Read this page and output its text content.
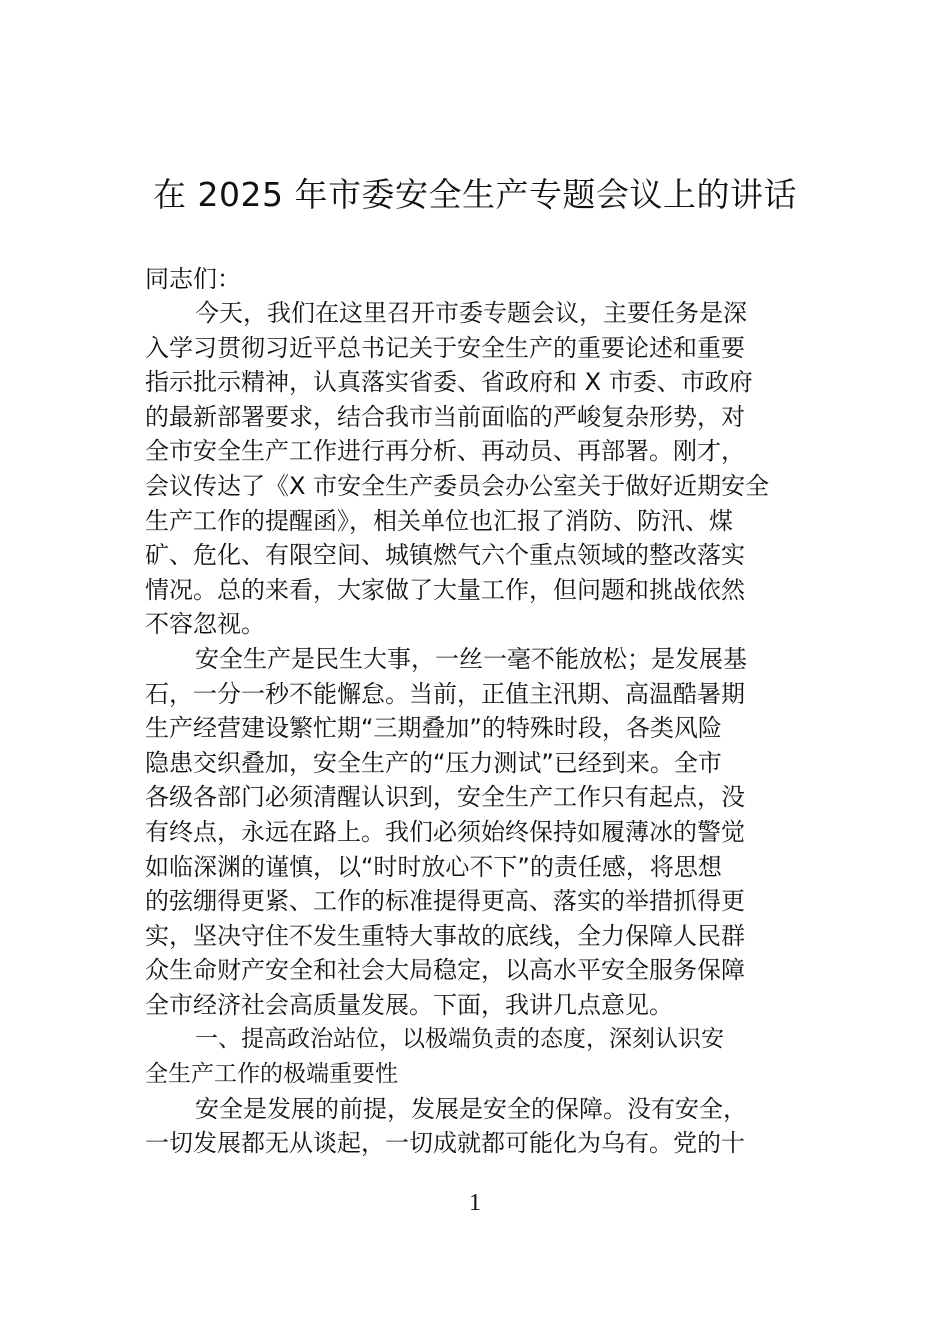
在 2025 年市委安全生产专题会议上的讲话
同志们：
今天，我们在这里召开市委专题会议，主要任务是深
入学习贯彻习近平总书记关于安全生产的重要论述和重要
指示批示精神，认真落实省委、省政府和 X 市委、市政府
的最新部署要求，结合我市当前面临的严峻复杂形势，对
全市安全生产工作进行再分析、再动员、再部署。刚才，
会议传达了《X 市安全生产委员会办公室关于做好近期安全
生产工作的提醒函》，相关单位也汇报了消防、防汛、煤
矿、危化、有限空间、城镇燃气六个重点领域的整改落实
情况。总的来看，大家做了大量工作，但问题和挑战依然
不容忽视。
安全生产是民生大事，一丝一毫不能放松；是发展基
石，一分一秒不能懈怠。当前，正值主汛期、高温酷暑期
生产经营建设繁忙期“三期叠加”的特殊时段，各类风险
隐患交织叠加，安全生产的“压力测试”已经到来。全市
各级各部门必须清醒认识到，安全生产工作只有起点，没
有终点，永远在路上。我们必须始终保持如履薄冰的警觉
如临深渊的谨慎，以“时时放心不下”的责任感，将思想
的弦绷得更紧、工作的标准提得更高、落实的举措抓得更
实，坚决守住不发生重特大事故的底线，全力保障人民群
众生命财产安全和社会大局稳定，以高水平安全服务保障
全市经济社会高质量发展。下面，我讲几点意见。
一、提高政治站位，以极端负责的态度，深刻认识安
全生产工作的极端重要性
安全是发展的前提，发展是安全的保障。没有安全，
一切发展都无从谈起，一切成就都可能化为乌有。党的十
1
